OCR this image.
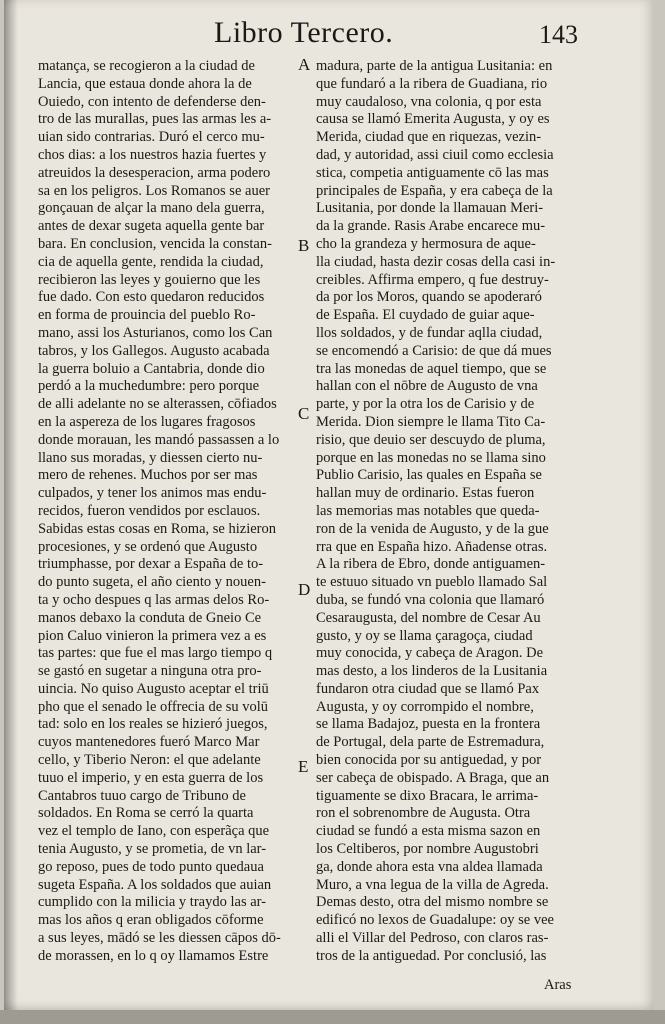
Libro Tercero.	143
matança, se recogieron a la ciudad de
Lancia, que estaua donde ahora la de
Ouiedo, con intento de defenderse den-
tro de las murallas, pues las armas les a-
uian sido contrarias. Duró el cerco mu-
chos dias: a los nuestros hazia fuertes y
atreuidos la desesperacion, arma podero
sa en los peligros. Los Romanos se auer
gonçauan de alçar la mano dela guerra,
antes de dexar sugeta aquella gente bar
bara. En conclusion, vencida la constan-
cia de aquella gente, rendida la ciudad,
recibieron las leyes y gouierno que les
fue dado. Con esto quedaron reducidos
en forma de prouincia del pueblo Ro-
mano, assi los Asturianos, como los Can
tabros, y los Gallegos. Augusto acabada
la guerra boluio a Cantabria, donde dio
perdó a la muchedumbre: pero porque
de alli adelante no se alterassen, cōfiados
en la aspereza de los lugares fragosos
donde morauan, les mandó passassen a lo
llano sus moradas, y diessen cierto nu-
mero de rehenes. Muchos por ser mas
culpados, y tener los animos mas endu-
recidos, fueron vendidos por esclauos.
Sabidas estas cosas en Roma, se hizieron
procesiones, y se ordenó que Augusto
triumphasse, por dexar a España de to-
do punto sugeta, el año ciento y nouen-
ta y ocho despues q las armas delos Ro-
manos debaxo la conduta de Gneio Ce
pion Caluo vinieron la primera vez a es
tas partes: que fue el mas largo tiempo q
se gastó en sugetar a ninguna otra pro-
uincia. No quiso Augusto aceptar el triū
pho que el senado le offrecia de su volū
tad: solo en los reales se hizieró juegos,
cuyos mantenedores fueró Marco Mar
cello, y Tiberio Neron: el que adelante
tuuo el imperio, y en esta guerra de los
Cantabros tuuo cargo de Tribuno de
soldados. En Roma se cerró la quarta
vez el templo de Iano, con esperãça que
tenia Augusto, y se prometia, de vn lar-
go reposo, pues de todo punto quedaua
sugeta España. A los soldados que auian
cumplido con la milicia y traydo las ar-
mas los años q eran obligados cōforme
a sus leyes, mādó se les diessen cāpos dō-
de morassen, en lo q oy llamamos Estre
madura, parte de la antigua Lusitania: en
que fundaró a la ribera de Guadiana, rio
muy caudaloso, vna colonia, q por esta
causa se llamó Emerita Augusta, y oy es
Merida, ciudad que en riquezas, vezin-
dad, y autoridad, assi ciuil como ecclesia
stica, competia antiguamente cō las mas
principales de España, y era cabeça de la
Lusitania, por donde la llamauan Meri-
da la grande. Rasis Arabe encarece mu-
cho la grandeza y hermosura de aque-
lla ciudad, hasta dezir cosas della casi in-
creibles. Affirma empero, q fue destruy-
da por los Moros, quando se apoderaró
de España. El cuydado de guiar aque-
llos soldados, y de fundar aqlla ciudad,
se encomendó a Carisio: de que dá mues
tra las monedas de aquel tiempo, que se
hallan con el nōbre de Augusto de vna
parte, y por la otra los de Carisio y de
Merida. Dion siempre le llama Tito Ca-
risio, que deuio ser descuydo de pluma,
porque en las monedas no se llama sino
Publio Carisio, las quales en España se
hallan muy de ordinario. Estas fueron
las memorias mas notables que queda-
ron de la venida de Augusto, y de la gue
rra que en España hizo. Añadense otras.
A la ribera de Ebro, donde antiguamen-
te estuuo situado vn pueblo llamado Sal
duba, se fundó vna colonia que llamaró
Cesaraugusta, del nombre de Cesar Au
gusto, y oy se llama çaragoça, ciudad
muy conocida, y cabeça de Aragon. De
mas desto, a los linderos de la Lusitania
fundaron otra ciudad que se llamó Pax
Augusta, y oy corrompido el nombre,
se llama Badajoz, puesta en la frontera
de Portugal, dela parte de Estremadura,
bien conocida por su antiguedad, y por
ser cabeça de obispado. A Braga, que an
tiguamente se dixo Bracara, le arrima-
ron el sobrenombre de Augusta. Otra
ciudad se fundó a esta misma sazon en
los Celtiberos, por nombre Augustobri
ga, donde ahora esta vna aldea llamada
Muro, a vna legua de la villa de Agreda.
Demas desto, otra del mismo nombre se
edificó no lexos de Guadalupe: oy se vee
alli el Villar del Pedroso, con claros ras-
tros de la antiguedad. Por conclusió, las
A
B
C
D
E
Aras
